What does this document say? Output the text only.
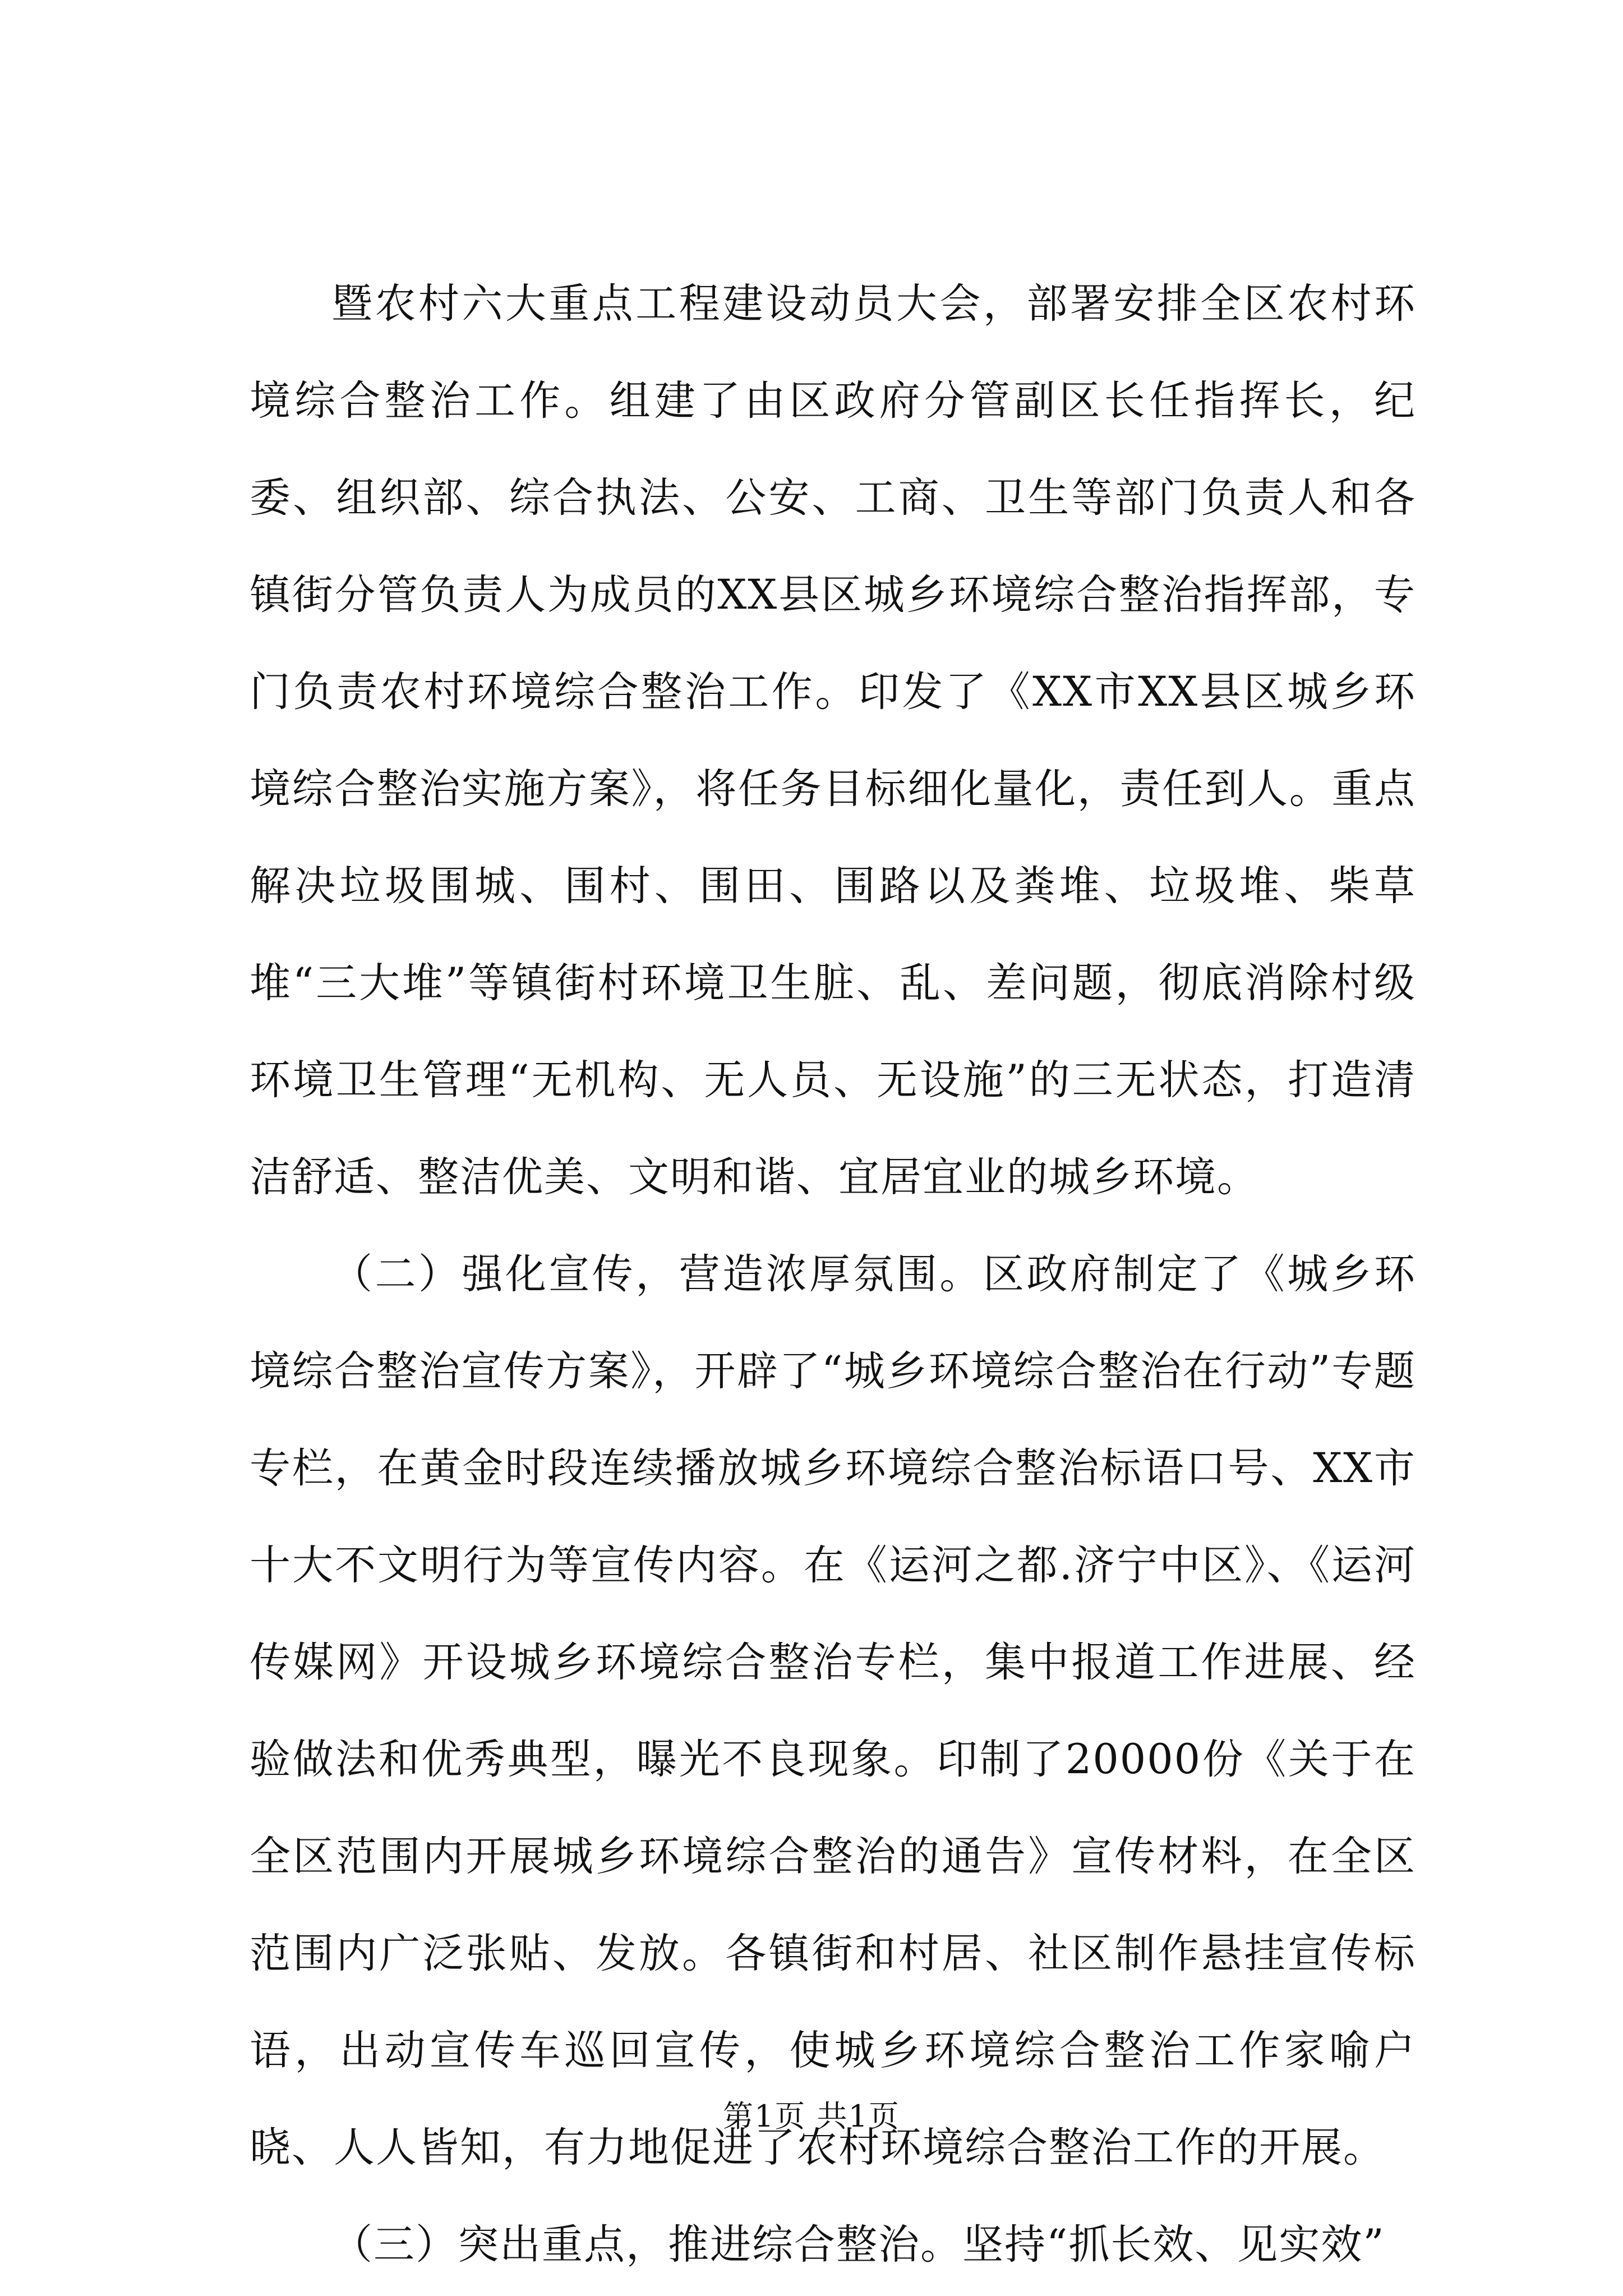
暨农村六大重点工程建设动员大会，部署安排全区农村环境综合整治工作。组建了由区政府分管副区长任指挥长，纪委、组织部、综合执法、公安、工商、卫生等部门负责人和各镇街分管负责人为成员的XX县区城乡环境综合整治指挥部，专门负责农村环境综合整治工作。印发了《XX市XX县区城乡环境综合整治实施方案》，将任务目标细化量化，责任到人。重点解决垃圾围城、围村、围田、围路以及粪堆、垃圾堆、柴草堆“三大堆”等镇街村环境卫生脏、乱、差问题，彻底消除村级环境卫生管理“无机构、无人员、无设施”的三无状态，打造清洁舒适、整洁优美、文明和谐、宜居宜业的城乡环境。

（二）强化宣传，营造浓厚氛围。区政府制定了《城乡环境综合整治宣传方案》，开辟了“城乡环境综合整治在行动”专题专栏，在黄金时段连续播放城乡环境综合整治标语口号、XX市十大不文明行为等宣传内容。在《运河之都.济宁中区》、《运河传媒网》开设城乡环境综合整治专栏，集中报道工作进展、经验做法和优秀典型，曝光不良现象。印制了20000份《关于在全区范围内开展城乡环境综合整治的通告》宣传材料，在全区范围内广泛张贴、发放。各镇街和村居、社区制作悬挂宣传标语，出动宣传车巡回宣传，使城乡环境综合整治工作家喻户晓、人人皆知，有力地促进了农村环境综合整治工作的开展。

（三）突出重点，推进综合整治。坚持“抓长效、见实效”

第1页 共1页
